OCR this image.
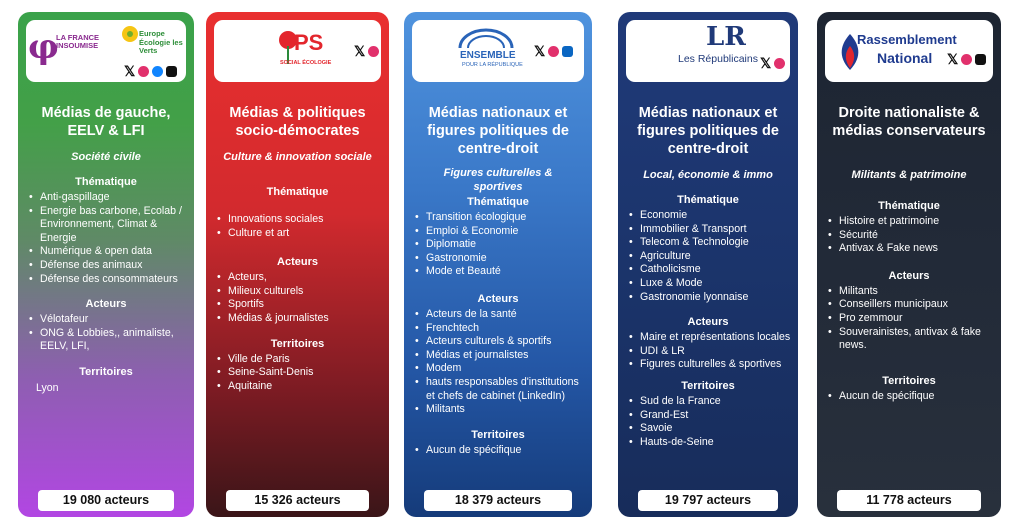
φ
LA FRANCE INSOUMISE
Europe Écologie les Verts
𝕏
Médias de gauche, EELV & LFI
Société civile
Thématique
• Anti-gaspillage
• Energie bas carbone, Ecolab / Environnement, Climat & Energie
• Numérique & open data
• Défense des animaux
• Défense des consommateurs
Acteurs
• Vélotafeur
• ONG & Lobbies,, animaliste, EELV, LFI,
Territoires
Lyon
19 080 acteurs
PS
SOCIAL ÉCOLOGIE
𝕏
Médias & politiques socio-démocrates
Culture & innovation sociale
Thématique
• Innovations sociales
• Culture et art
Acteurs
• Acteurs,
• Milieux culturels
• Sportifs
• Médias & journalistes
Territoires
• Ville de Paris
• Seine-Saint-Denis
• Aquitaine
15 326 acteurs
ENSEMBLE
POUR LA RÉPUBLIQUE
𝕏
Médias nationaux et figures politiques de centre-droit
Figures culturelles & sportives
Thématique
• Transition écologique
• Emploi & Economie
• Diplomatie
• Gastronomie
• Mode et Beauté
Acteurs
• Acteurs de la santé
• Frenchtech
• Acteurs culturels & sportifs
• Médias et journalistes
• Modem
• hauts responsables d'institutions et chefs de cabinet (LinkedIn)
• Militants
Territoires
• Aucun de spécifique
18 379 acteurs
LR
Les Républicains 𝕏
Médias nationaux et figures politiques de centre-droit
Local, économie & immo
Thématique
• Economie
• Immobilier & Transport
• Telecom & Technologie
• Agriculture
• Catholicisme
• Luxe & Mode
• Gastronomie lyonnaise
Acteurs
• Maire et représentations locales
• UDI & LR
• Figures culturelles & sportives
Territoires
• Sud de la France
• Grand-Est
• Savoie
• Hauts-de-Seine
19 797 acteurs
Rassemblement
National 𝕏
Droite nationaliste & médias conservateurs
Militants & patrimoine
Thématique
• Histoire et patrimoine
• Sécurité
• Antivax & Fake news
Acteurs
• Militants
• Conseillers municipaux
• Pro zemmour
• Souverainistes, antivax & fake news.
Territoires
• Aucun de spécifique
11 778 acteurs
